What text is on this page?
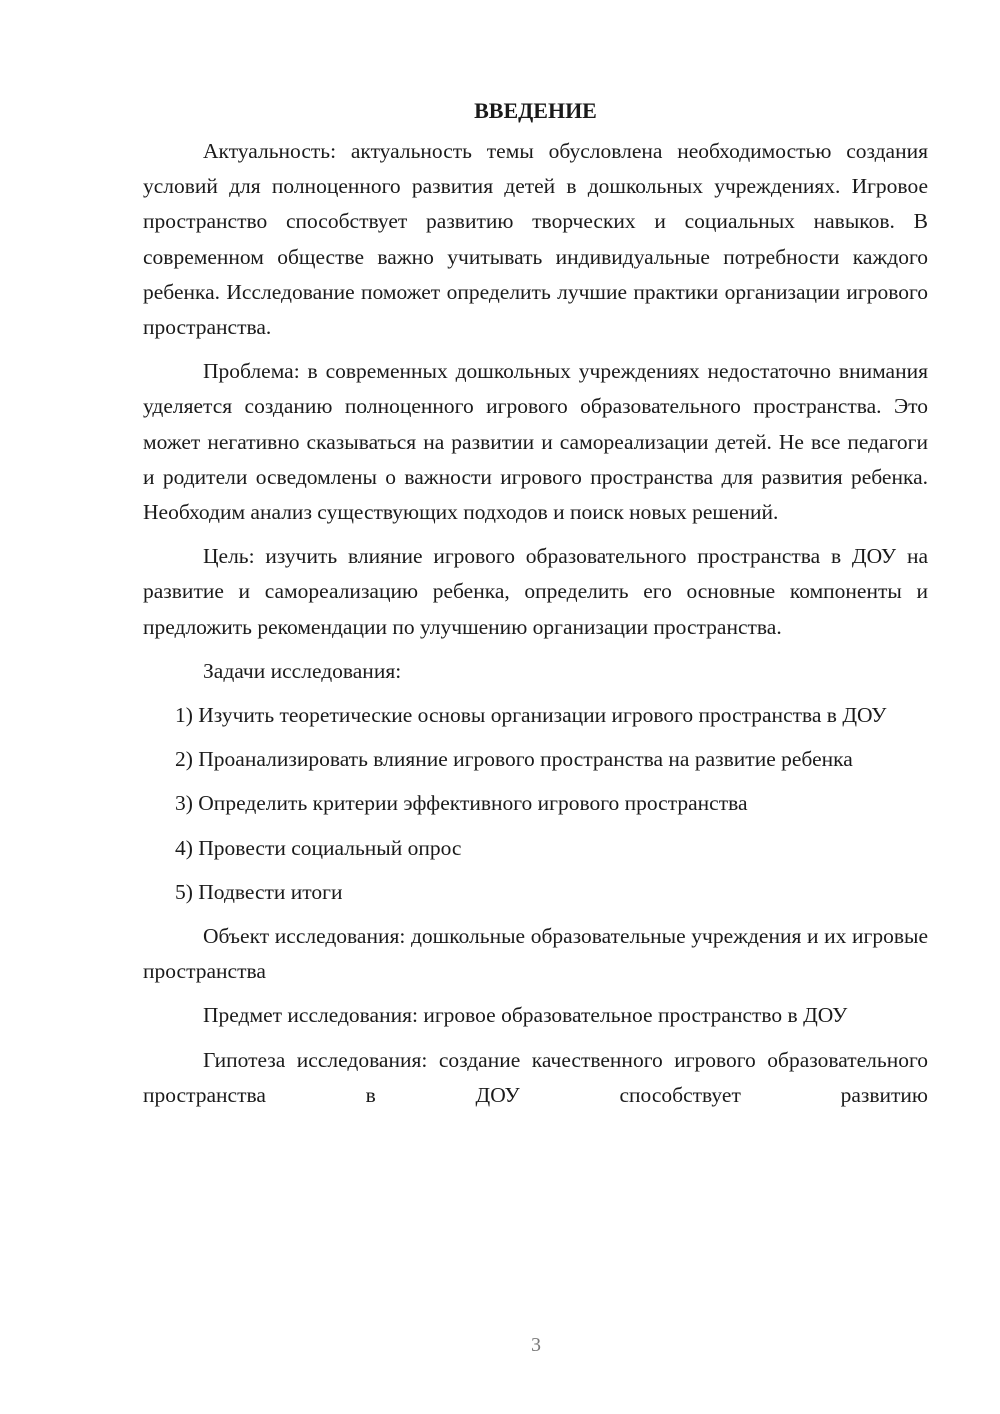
ВВЕДЕНИЕ

Актуальность: актуальность темы обусловлена необходимостью создания условий для полноценного развития детей в дошкольных учреждениях. Игровое пространство способствует развитию творческих и социальных навыков. В современном обществе важно учитывать индивидуальные потребности каждого ребенка. Исследование поможет определить лучшие практики организации игрового пространства.

Проблема: в современных дошкольных учреждениях недостаточно внимания уделяется созданию полноценного игрового образовательного пространства. Это может негативно сказываться на развитии и самореализации детей. Не все педагоги и родители осведомлены о важности игрового пространства для развития ребенка. Необходим анализ существующих подходов и поиск новых решений.

Цель: изучить влияние игрового образовательного пространства в ДОУ на развитие и самореализацию ребенка, определить его основные компоненты и предложить рекомендации по улучшению организации пространства.

Задачи исследования:

1) Изучить теоретические основы организации игрового пространства в ДОУ

2) Проанализировать влияние игрового пространства на развитие ребенка

3) Определить критерии эффективного игрового пространства

4) Провести социальный опрос

5) Подвести итоги

Объект исследования: дошкольные образовательные учреждения и их игровые пространства

Предмет исследования: игровое образовательное пространство в ДОУ

Гипотеза исследования: создание качественного игрового образовательного пространства в ДОУ способствует развитию

3
